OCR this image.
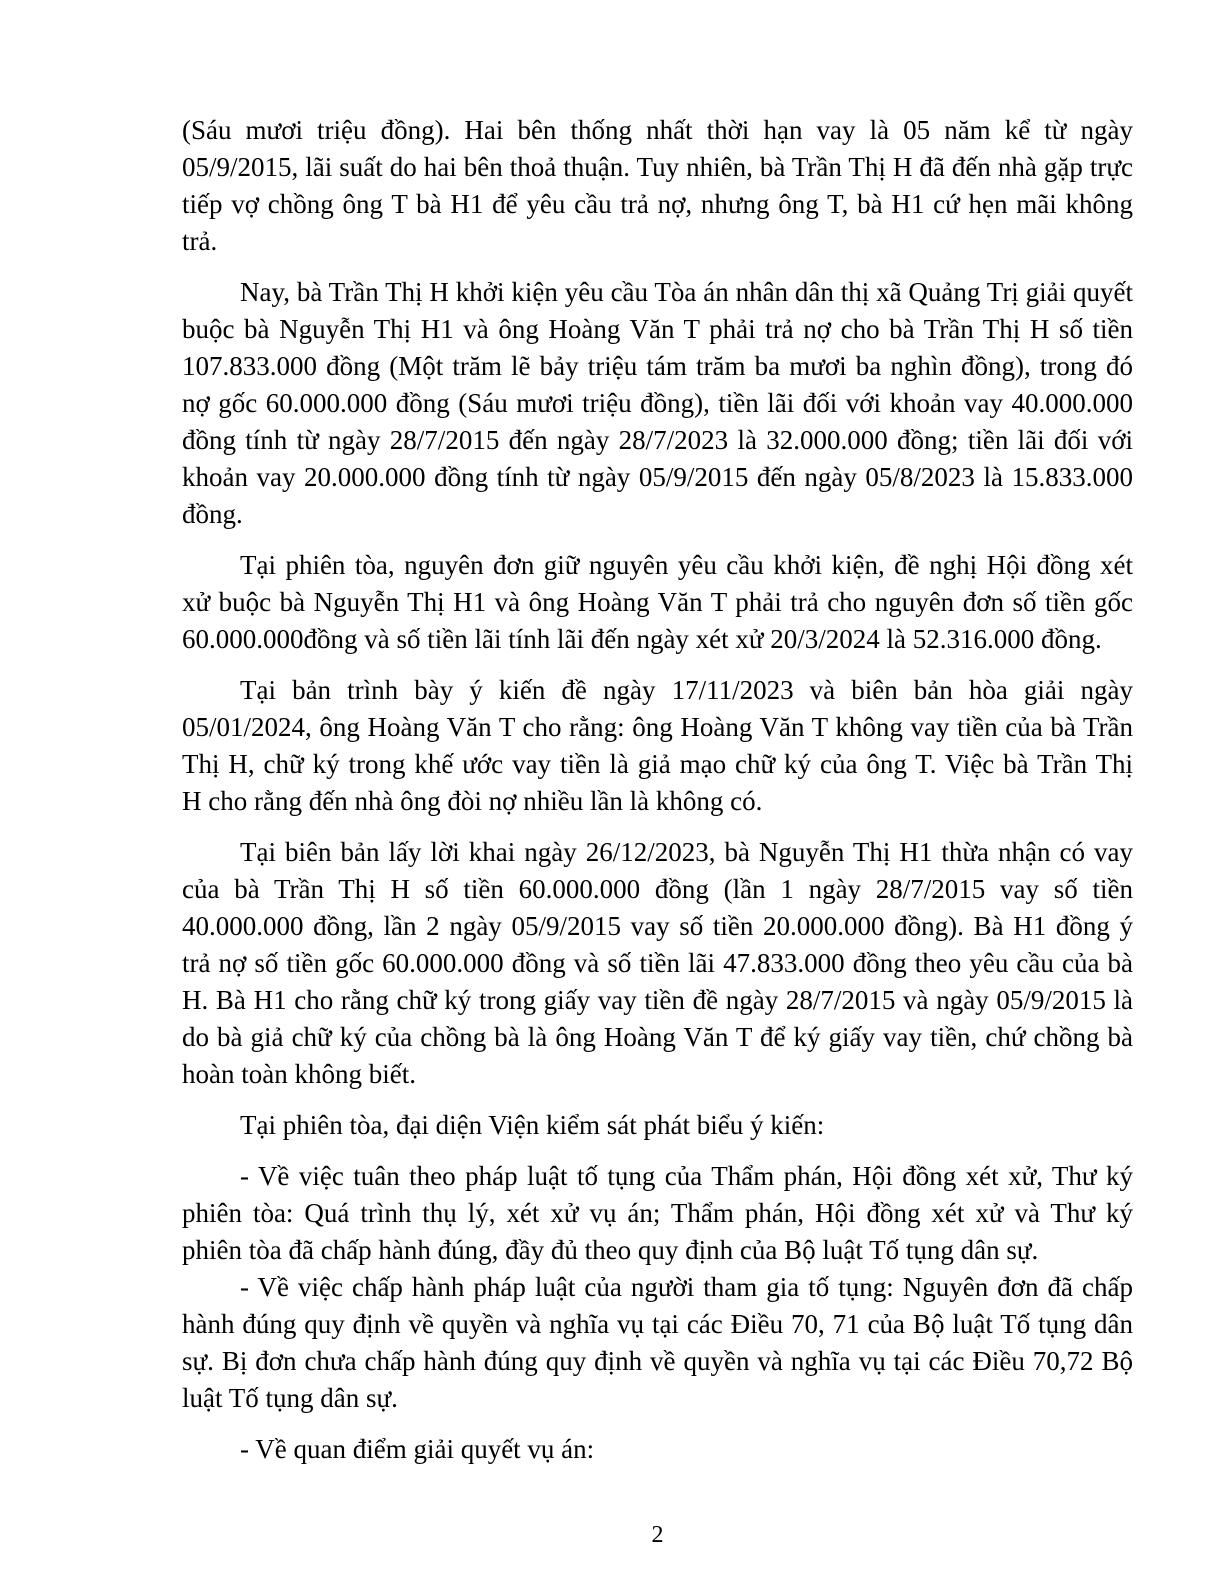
(Sáu mươi triệu đồng). Hai bên thống nhất thời hạn vay là 05 năm kể từ ngày
05/9/2015, lãi suất do hai bên thoả thuận. Tuy nhiên, bà Trần Thị H đã đến nhà gặp trực
tiếp vợ chồng ông T bà H1 để yêu cầu trả nợ, nhưng ông T, bà H1 cứ hẹn mãi không
trả.
Nay, bà Trần Thị H khởi kiện yêu cầu Tòa án nhân dân thị xã Quảng Trị giải quyết
buộc bà Nguyễn Thị H1 và ông Hoàng Văn T phải trả nợ cho bà Trần Thị H số tiền
107.833.000 đồng (Một trăm lẽ bảy triệu tám trăm ba mươi ba nghìn đồng), trong đó
nợ gốc 60.000.000 đồng (Sáu mươi triệu đồng), tiền lãi đối với khoản vay 40.000.000
đồng tính từ ngày 28/7/2015 đến ngày 28/7/2023 là 32.000.000 đồng; tiền lãi đối với
khoản vay 20.000.000 đồng tính từ ngày 05/9/2015 đến ngày 05/8/2023 là 15.833.000
đồng.
Tại phiên tòa, nguyên đơn giữ nguyên yêu cầu khởi kiện, đề nghị Hội đồng xét
xử buộc bà Nguyễn Thị H1 và ông Hoàng Văn T phải trả cho nguyên đơn số tiền gốc
60.000.000đồng và số tiền lãi tính lãi đến ngày xét xử 20/3/2024 là 52.316.000 đồng.
Tại bản trình bày ý kiến đề ngày 17/11/2023 và biên bản hòa giải ngày
05/01/2024, ông Hoàng Văn T cho rằng: ông Hoàng Văn T không vay tiền của bà Trần
Thị H, chữ ký trong khế ước vay tiền là giả mạo chữ ký của ông T. Việc bà Trần Thị
H cho rằng đến nhà ông đòi nợ nhiều lần là không có.
Tại biên bản lấy lời khai ngày 26/12/2023, bà Nguyễn Thị H1 thừa nhận có vay
của bà Trần Thị H số tiền 60.000.000 đồng (lần 1 ngày 28/7/2015 vay số tiền
40.000.000 đồng, lần 2 ngày 05/9/2015 vay số tiền 20.000.000 đồng). Bà H1 đồng ý
trả nợ số tiền gốc 60.000.000 đồng và số tiền lãi 47.833.000 đồng theo yêu cầu của bà
H. Bà H1 cho rằng chữ ký trong giấy vay tiền đề ngày 28/7/2015 và ngày 05/9/2015 là
do bà giả chữ ký của chồng bà là ông Hoàng Văn T để ký giấy vay tiền, chứ chồng bà
hoàn toàn không biết.
Tại phiên tòa, đại diện Viện kiểm sát phát biểu ý kiến:
- Về việc tuân theo pháp luật tố tụng của Thẩm phán, Hội đồng xét xử, Thư ký
phiên tòa: Quá trình thụ lý, xét xử vụ án; Thẩm phán, Hội đồng xét xử và Thư ký
phiên tòa đã chấp hành đúng, đầy đủ theo quy định của Bộ luật Tố tụng dân sự.
- Về việc chấp hành pháp luật của người tham gia tố tụng: Nguyên đơn đã chấp
hành đúng quy định về quyền và nghĩa vụ tại các Điều 70, 71 của Bộ luật Tố tụng dân
sự. Bị đơn chưa chấp hành đúng quy định về quyền và nghĩa vụ tại các Điều 70,72 Bộ
luật Tố tụng dân sự.
- Về quan điểm giải quyết vụ án:
2
